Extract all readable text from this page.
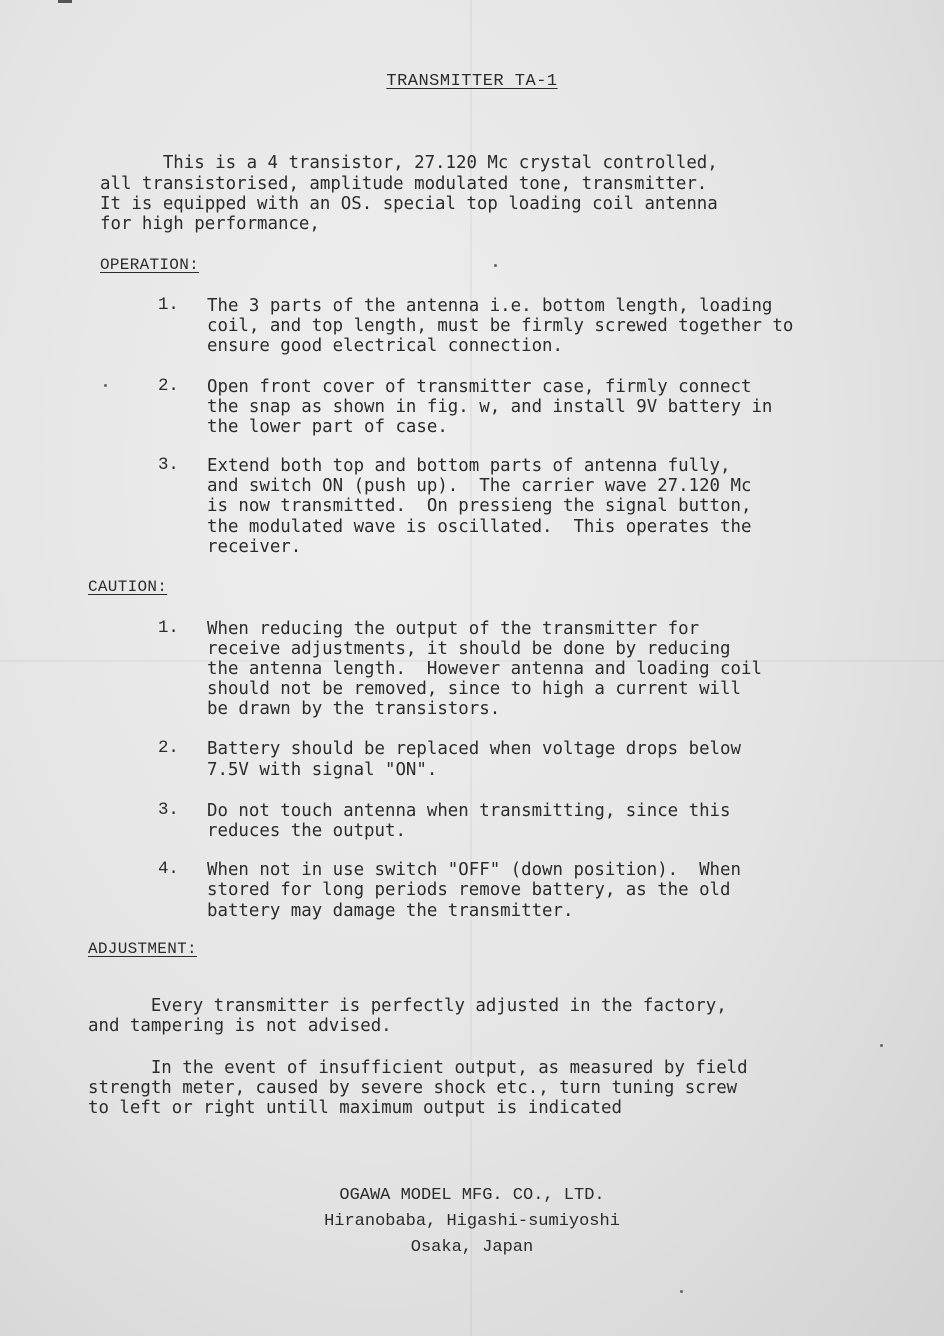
TRANSMITTER TA-1
This is a 4 transistor, 27.120 Mc crystal controlled,
all transistorised, amplitude modulated tone, transmitter.
It is equipped with an OS. special top loading coil antenna
for high performance,
OPERATION:
1.	The 3 parts of the antenna i.e. bottom length, loading
coil, and top length, must be firmly screwed together to
ensure good electrical connection.
2.	Open front cover of transmitter case, firmly connect
the snap as shown in fig. w, and install 9V battery in
the lower part of case.
3.	Extend both top and bottom parts of antenna fully,
and switch ON (push up).  The carrier wave 27.120 Mc
is now transmitted.  On pressieng the signal button,
the modulated wave is oscillated.  This operates the
receiver.
CAUTION:
1.	When reducing the output of the transmitter for
receive adjustments, it should be done by reducing
the antenna length.  However antenna and loading coil
should not be removed, since to high a current will
be drawn by the transistors.
2.	Battery should be replaced when voltage drops below
7.5V with signal "ON".
3.	Do not touch antenna when transmitting, since this
reduces the output.
4.	When not in use switch "OFF" (down position).  When
stored for long periods remove battery, as the old
battery may damage the transmitter.
ADJUSTMENT:
Every transmitter is perfectly adjusted in the factory,
and tampering is not advised.
In the event of insufficient output, as measured by field
strength meter, caused by severe shock etc., turn tuning screw
to left or right untill maximum output is indicated
OGAWA MODEL MFG. CO., LTD.
Hiranobaba, Higashi-sumiyoshi
Osaka, Japan
